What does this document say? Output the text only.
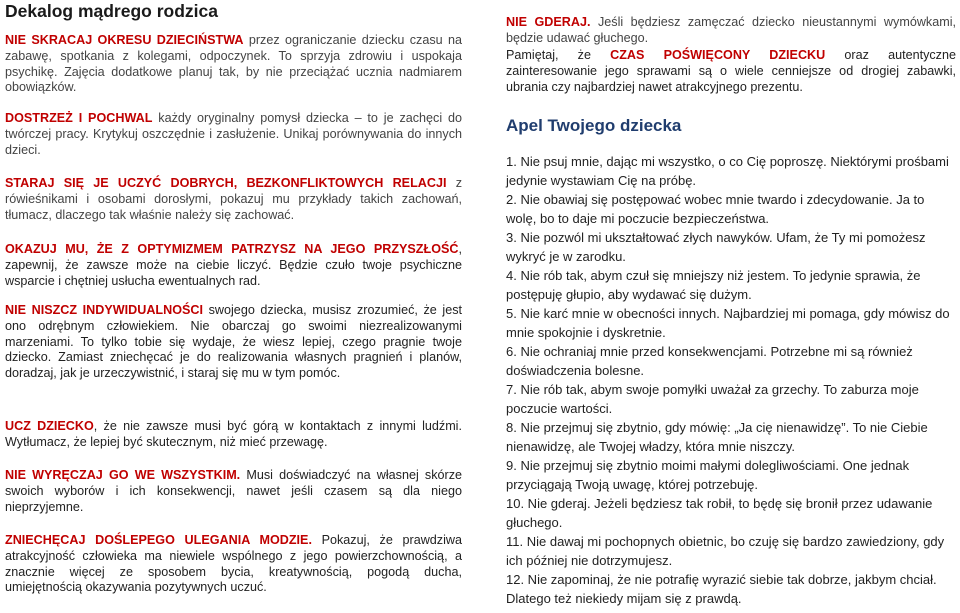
Dekalog mądrego rodzica

NIE SKRACAJ OKRESU DZIECIŃSTWA przez ograniczanie dziecku czasu na zabawę, spotkania z kolegami, odpoczynek. To sprzyja zdrowiu i uspokaja psychikę. Zajęcia dodatkowe planuj tak, by nie przeciążać ucznia nadmiarem obowiązków.

DOSTRZEŻ I POCHWAL każdy oryginalny pomysł dziecka – to je zachęci do twórczej pracy. Krytykuj oszczędnie i zasłużenie. Unikaj porównywania do innych dzieci.

STARAJ SIĘ JE UCZYĆ DOBRYCH, BEZKONFLIKTOWYCH RELACJI z rówieśnikami i osobami dorosłymi, pokazuj mu przykłady takich zachowań, tłumacz, dlaczego tak właśnie należy się zachować.

OKAZUJ MU, ŻE Z OPTYMIZMEM PATRZYSZ NA JEGO PRZYSZŁOŚĆ, zapewnij, że zawsze może na ciebie liczyć. Będzie czuło twoje psychiczne wsparcie i chętniej usłucha ewentualnych rad.

NIE NISZCZ INDYWIDUALNOŚCI swojego dziecka, musisz zrozumieć, że jest ono odrębnym człowiekiem. Nie obarczaj go swoimi niezrealizowanymi marzeniami. To tylko tobie się wydaje, że wiesz lepiej, czego pragnie twoje dziecko. Zamiast zniechęcać je do realizowania własnych pragnień i planów, doradzaj, jak je urzeczywistnić, i staraj się mu w tym pomóc.

UCZ DZIECKO, że nie zawsze musi być górą w kontaktach z innymi ludźmi. Wytłumacz, że lepiej być skutecznym, niż mieć przewagę.

NIE WYRĘCZAJ GO WE WSZYSTKIM. Musi doświadczyć na własnej skórze swoich wyborów i ich konsekwencji, nawet jeśli czasem są dla niego nieprzyjemne.

ZNIECHĘCAJ DOŚLEPEGO ULEGANIA MODZIE. Pokazuj, że prawdziwa atrakcyjność człowieka ma niewiele wspólnego z jego powierzchownością, a znacznie więcej ze sposobem bycia, kreatywnością, pogodą ducha, umiejętnością okazywania pozytywnych uczuć.

NIE GDERAJ. Jeśli będziesz zamęczać dziecko nieustannymi wymówkami, będzie udawać głuchego.

Pamiętaj, że CZAS POŚWIĘCONY DZIECKU oraz autentyczne zainteresowanie jego sprawami są o wiele cenniejsze od drogiej zabawki, ubrania czy najbardziej nawet atrakcyjnego prezentu.

Apel Twojego dziecka

1. Nie psuj mnie, dając mi wszystko, o co Cię poproszę. Niektórymi prośbami jedynie wystawiam Cię na próbę.

2. Nie obawiaj się postępować wobec mnie twardo i zdecydowanie. Ja to wolę, bo to daje mi poczucie bezpieczeństwa.

3. Nie pozwól mi ukształtować złych nawyków. Ufam, że Ty mi pomożesz wykryć je w zarodku.

4. Nie rób tak, abym czuł się mniejszy niż jestem. To jedynie sprawia, że postępuję głupio, aby wydawać się dużym.

5. Nie karć mnie w obecności innych. Najbardziej mi pomaga, gdy mówisz do mnie spokojnie i dyskretnie.

6. Nie ochraniaj mnie przed konsekwencjami. Potrzebne mi są również doświadczenia bolesne.

7. Nie rób tak, abym swoje pomyłki uważał za grzechy. To zaburza moje poczucie wartości.

8. Nie przejmuj się zbytnio, gdy mówię: „Ja cię nienawidzę”. To nie Ciebie nienawidzę, ale Twojej władzy, która mnie niszczy.

9. Nie przejmuj się zbytnio moimi małymi dolegliwościami. One jednak przyciągają Twoją uwagę, której potrzebuję.

10. Nie gderaj. Jeżeli będziesz tak robił, to będę się bronił przez udawanie głuchego.

11. Nie dawaj mi pochopnych obietnic, bo czuję się bardzo zawiedziony, gdy ich później nie dotrzymujesz.

12. Nie zapominaj, że nie potrafię wyrazić siebie tak dobrze, jakbym chciał. Dlatego też niekiedy mijam się z prawdą.
